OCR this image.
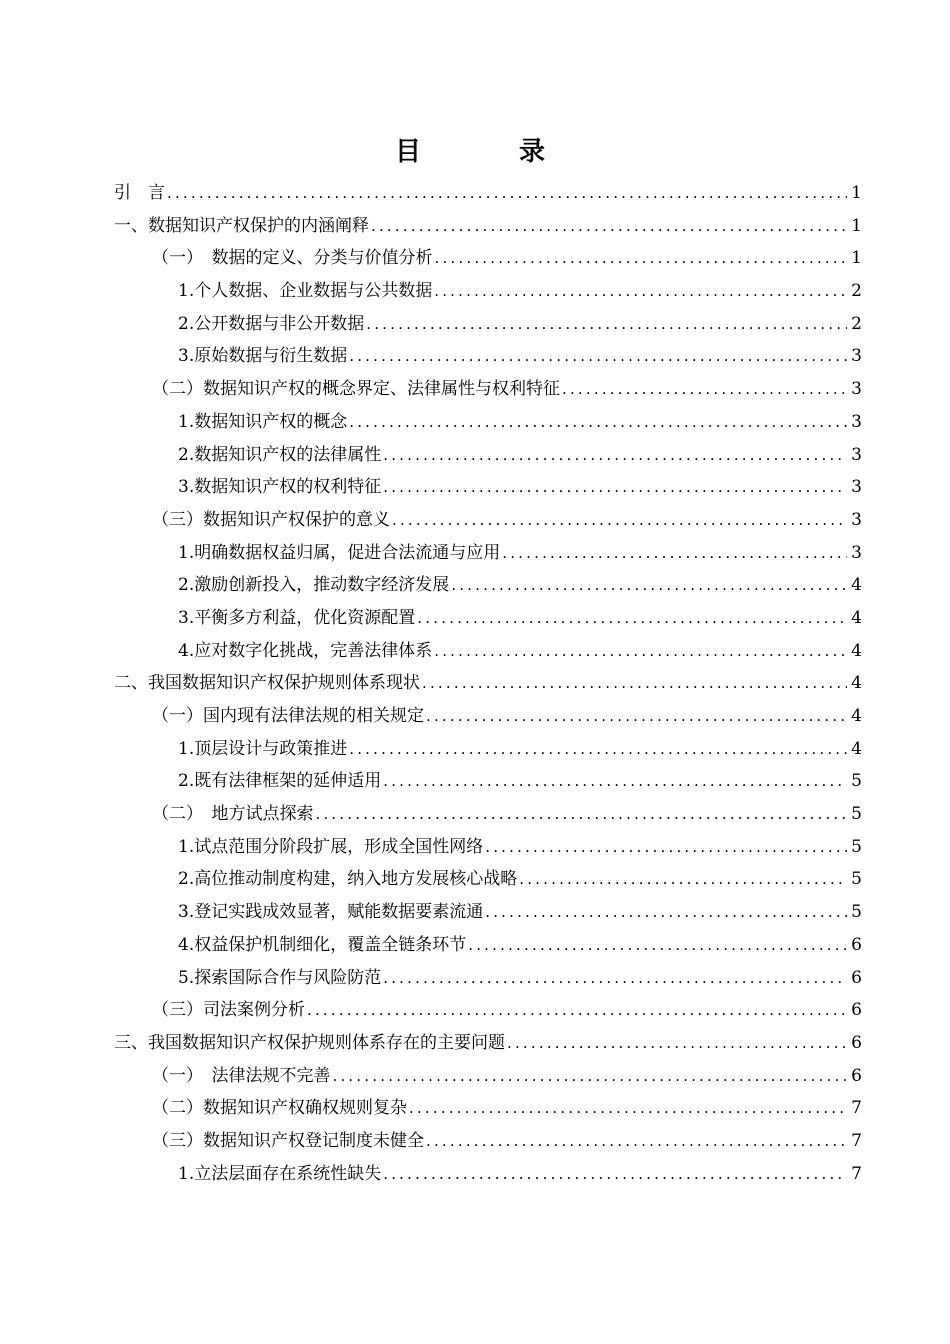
目　录
引　言 .....	1
一、数据知识产权保护的内涵阐释 .....	1
（一）　数据的定义、分类与价值分析 .....	1
1.个人数据、企业数据与公共数据 .....	2
2.公开数据与非公开数据 .....	2
3.原始数据与衍生数据 .....	3
（二）数据知识产权的概念界定、法律属性与权利特征 .....	3
1.数据知识产权的概念 .....	3
2.数据知识产权的法律属性 .....	3
3.数据知识产权的权利特征 .....	3
（三）数据知识产权保护的意义 .....	3
1.明确数据权益归属，促进合法流通与应用 .....	3
2.激励创新投入，推动数字经济发展 .....	4
3.平衡多方利益，优化资源配置 .....	4
4.应对数字化挑战，完善法律体系 .....	4
二、我国数据知识产权保护规则体系现状 .....	4
（一）国内现有法律法规的相关规定 .....	4
1.顶层设计与政策推进 .....	4
2.既有法律框架的延伸适用 .....	5
（二）　地方试点探索 .....	5
1.试点范围分阶段扩展，形成全国性网络 .....	5
2.高位推动制度构建，纳入地方发展核心战略 .....	5
3.登记实践成效显著，赋能数据要素流通 .....	5
4.权益保护机制细化，覆盖全链条环节 .....	6
5.探索国际合作与风险防范 .....	6
（三）司法案例分析 .....	6
三、我国数据知识产权保护规则体系存在的主要问题 .....	6
（一）　法律法规不完善 .....	6
（二）数据知识产权确权规则复杂 .....	7
（三）数据知识产权登记制度未健全 .....	7
1.立法层面存在系统性缺失 .....	7
